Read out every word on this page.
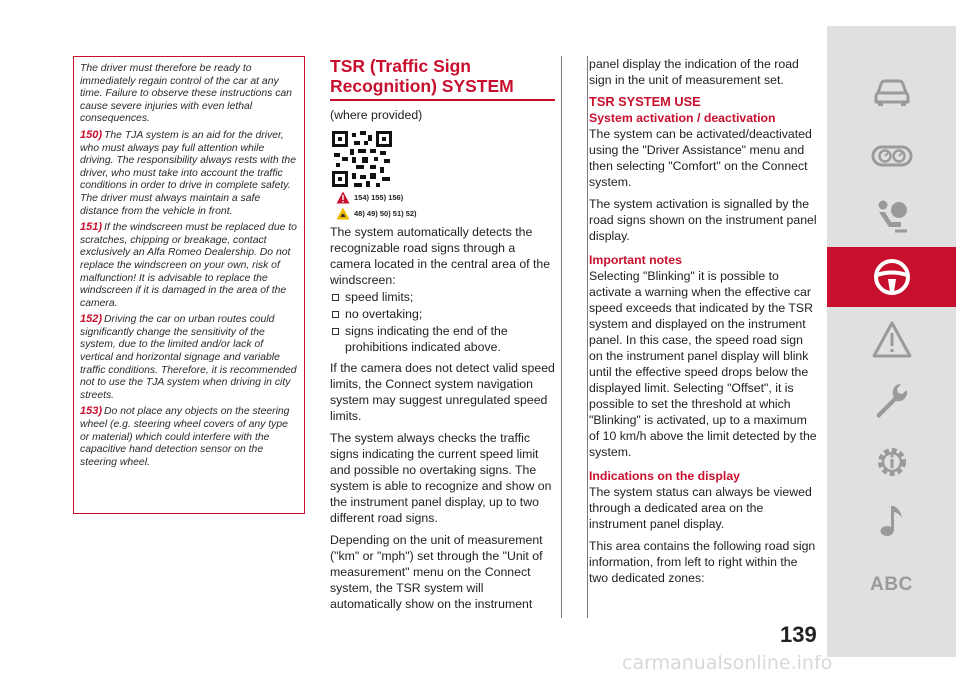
The driver must therefore be ready to immediately regain control of the car at any time. Failure to observe these instructions can cause severe injuries with even lethal consequences.

150) The TJA system is an aid for the driver, who must always pay full attention while driving. The responsibility always rests with the driver, who must take into account the traffic conditions in order to drive in complete safety. The driver must always maintain a safe distance from the vehicle in front.

151) If the windscreen must be replaced due to scratches, chipping or breakage, contact exclusively an Alfa Romeo Dealership. Do not replace the windscreen on your own, risk of malfunction! It is advisable to replace the windscreen if it is damaged in the area of the camera.

152) Driving the car on urban routes could significantly change the sensitivity of the system, due to the limited and/or lack of vertical and horizontal signage and variable traffic conditions. Therefore, it is recommended not to use the TJA system when driving in city streets.

153) Do not place any objects on the steering wheel (e.g. steering wheel covers of any type or material) which could interfere with the capacitive hand detection sensor on the steering wheel.

TSR (Traffic Sign Recognition) SYSTEM
(where provided)
154) 155) 156)
48) 49) 50) 51) 52)

The system automatically detects the recognizable road signs through a camera located in the central area of the windscreen:

speed limits;
no overtaking;
signs indicating the end of the prohibitions indicated above.

If the camera does not detect valid speed limits, the Connect system navigation system may suggest unregulated speed limits.

The system always checks the traffic signs indicating the current speed limit and possible no overtaking signs. The system is able to recognize and show on the instrument panel display, up to two different road signs.

Depending on the unit of measurement ("km" or "mph") set through the "Unit of measurement" menu on the Connect system, the TSR system will automatically show on the instrument

panel display the indication of the road sign in the unit of measurement set.

TSR SYSTEM USE
System activation / deactivation

The system can be activated/deactivated using the "Driver Assistance" menu and then selecting "Comfort" on the Connect system.

The system activation is signalled by the road signs shown on the instrument panel display.

Important notes

Selecting "Blinking" it is possible to activate a warning when the effective car speed exceeds that indicated by the TSR system and displayed on the instrument panel. In this case, the speed road sign on the instrument panel display will blink until the effective speed drops below the displayed limit. Selecting "Offset", it is possible to set the threshold at which "Blinking" is activated, up to a maximum of 10 km/h above the limit detected by the system.

Indications on the display

The system status can always be viewed through a dedicated area on the instrument panel display.

This area contains the following road sign information, from left to right within the two dedicated zones:	ABC
139
carmanualsonline.info
